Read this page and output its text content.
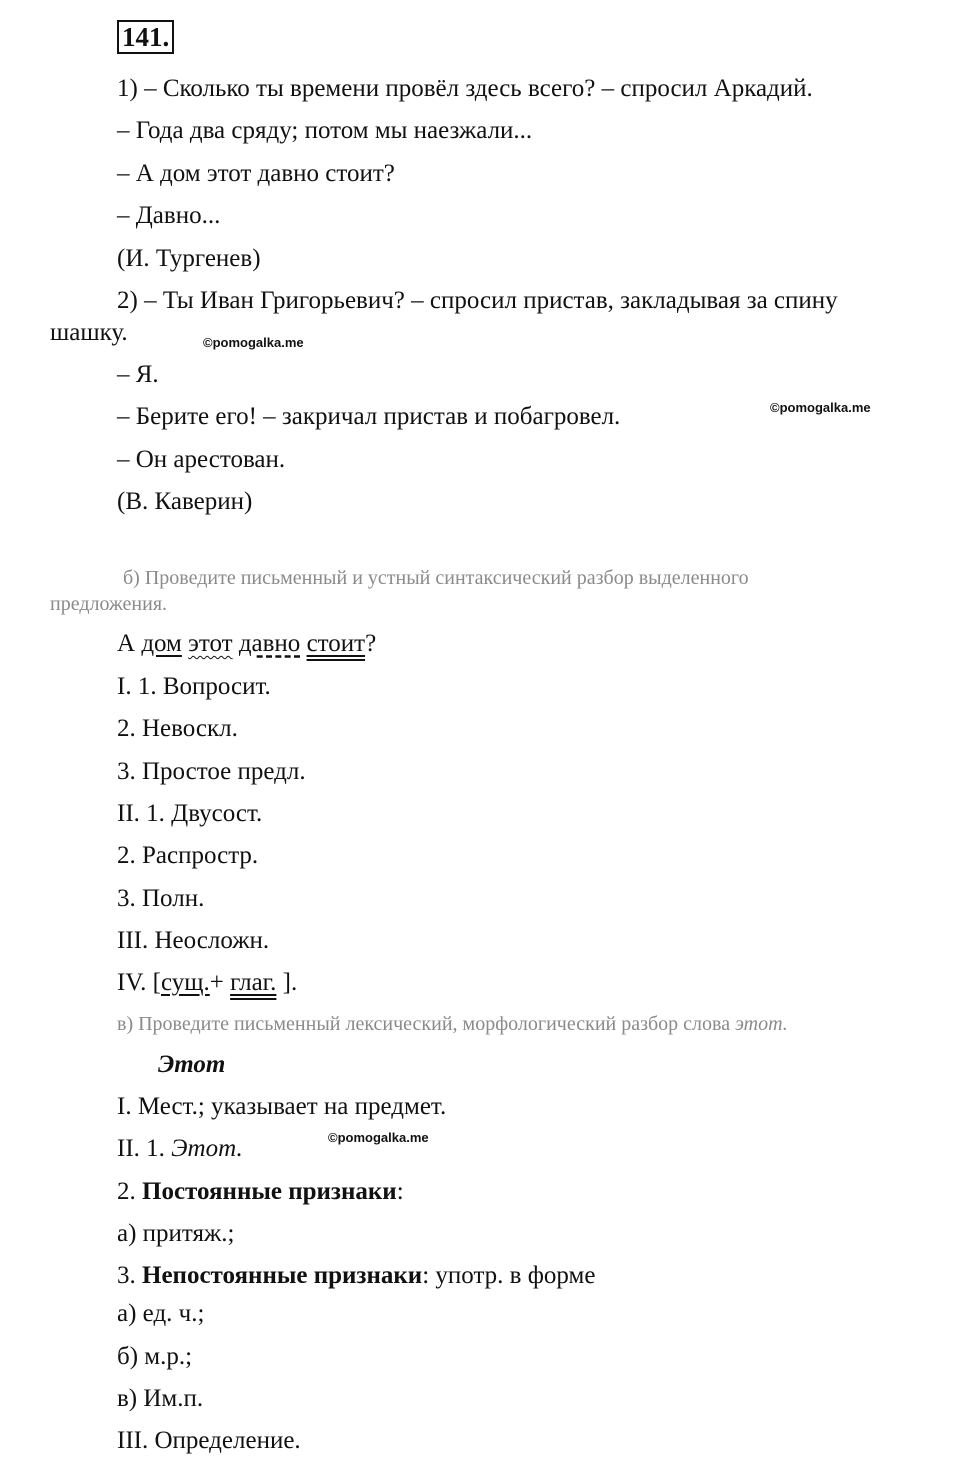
141.
1) – Сколько ты времени провёл здесь всего? – спросил Аркадий.
– Года два сряду; потом мы наезжали...
– А дом этот давно стоит?
– Давно...
(И. Тургенев)
2) – Ты Иван Григорьевич? – спросил пристав, закладывая за спину
шашку.	©pomogalka.me
– Я.
– Берите его! – закричал пристав и побагровел.	©pomogalka.me
– Он арестован.
(В. Каверин)
б) Проведите письменный и устный синтаксический разбор выделенного
предложения.
А дом этот давно стоит?
I. 1. Вопросит.
2. Невоскл.
3. Простое предл.
II. 1. Двусост.
2. Распростр.
3. Полн.
III. Неосложн.
IV. [сущ.+ глаг. ].
в) Проведите письменный лексический, морфологический разбор слова этот.
Этот
I. Мест.; указывает на предмет.
II. 1. Этот.	©pomogalka.me
2. Постоянные признаки:
а) притяж.;
3. Непостоянные признаки: употр. в форме
а) ед. ч.;
б) м.р.;
в) Им.п.
III. Определение.
